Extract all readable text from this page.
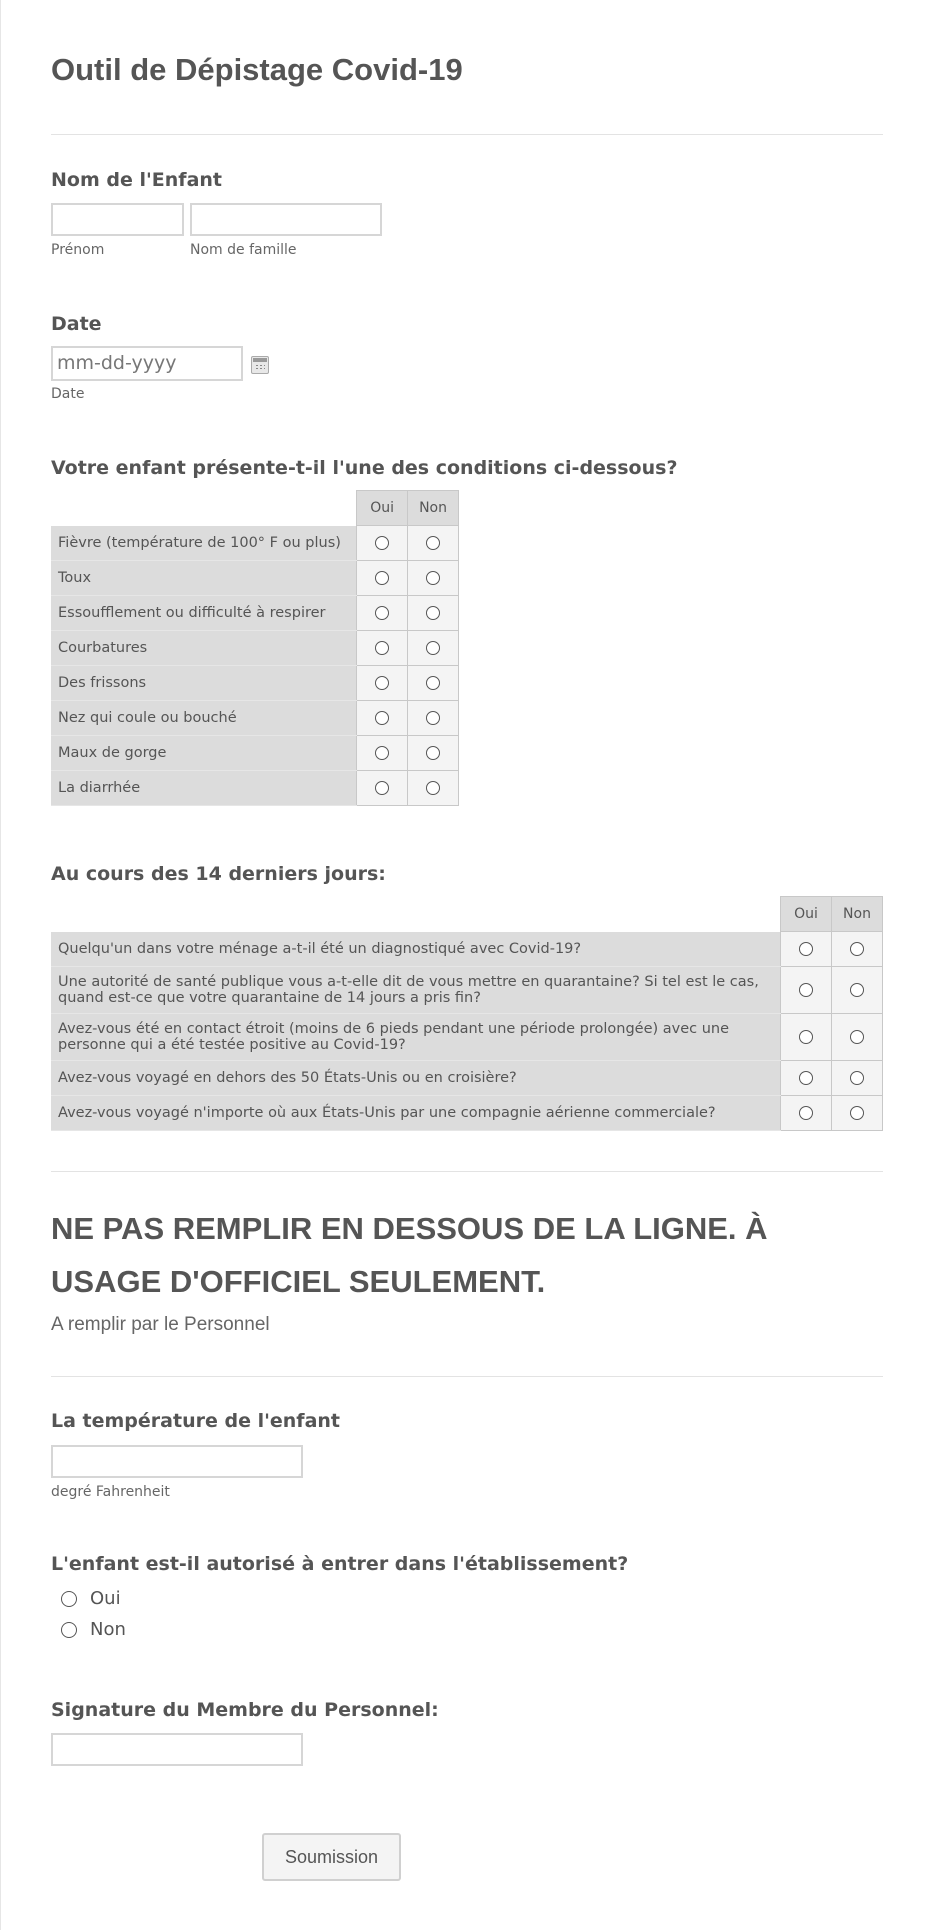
Outil de Dépistage Covid-19
Nom de l'Enfant
Prénom	Nom de famille
Date
mm-dd-yyyy
Date
Votre enfant présente-t-il l'une des conditions ci-dessous?
	Oui	Non
Fièvre (température de 100° F ou plus)		
Toux		
Essoufflement ou difficulté à respirer		
Courbatures		
Des frissons		
Nez qui coule ou bouché		
Maux de gorge		
La diarrhée		
Au cours des 14 derniers jours:
	Oui	Non
Quelqu'un dans votre ménage a-t-il été un diagnostiqué avec Covid-19?		
Une autorité de santé publique vous a-t-elle dit de vous mettre en quarantaine? Si tel est le cas, quand est-ce que votre quarantaine de 14 jours a pris fin?		
Avez-vous été en contact étroit (moins de 6 pieds pendant une période prolongée) avec une personne qui a été testée positive au Covid-19?		
Avez-vous voyagé en dehors des 50 États-Unis ou en croisière?		
Avez-vous voyagé n'importe où aux États-Unis par une compagnie aérienne commerciale?		
NE PAS REMPLIR EN DESSOUS DE LA LIGNE. À USAGE D'OFFICIEL SEULEMENT.
A remplir par le Personnel
La température de l'enfant
degré Fahrenheit
L'enfant est-il autorisé à entrer dans l'établissement?
Oui
Non
Signature du Membre du Personnel:
Soumission
